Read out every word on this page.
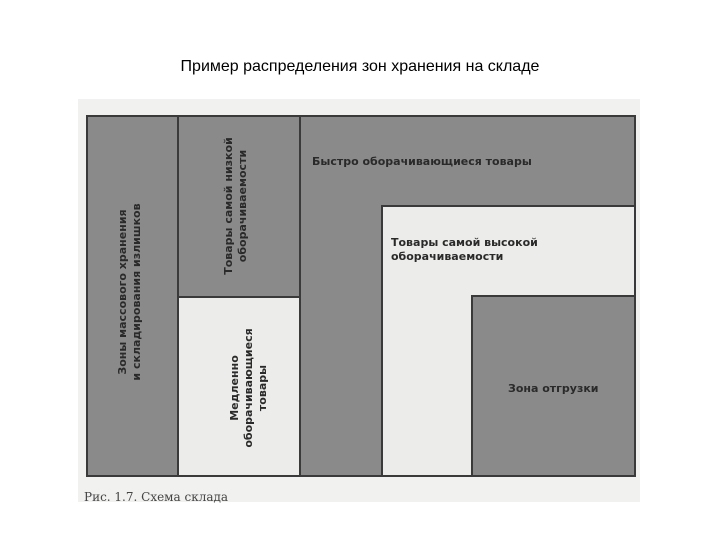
Пример распределения зон хранения на складе
Зоны массового хранения
и складирования излишков	Товары самой низкой
оборачиваемости
Медленно
оборачивающиеся
товары
Быстро оборачивающиеся товары
Товары самой высокой
оборачиваемости
Зона отгрузки
Рис. 1.7. Схема склада
